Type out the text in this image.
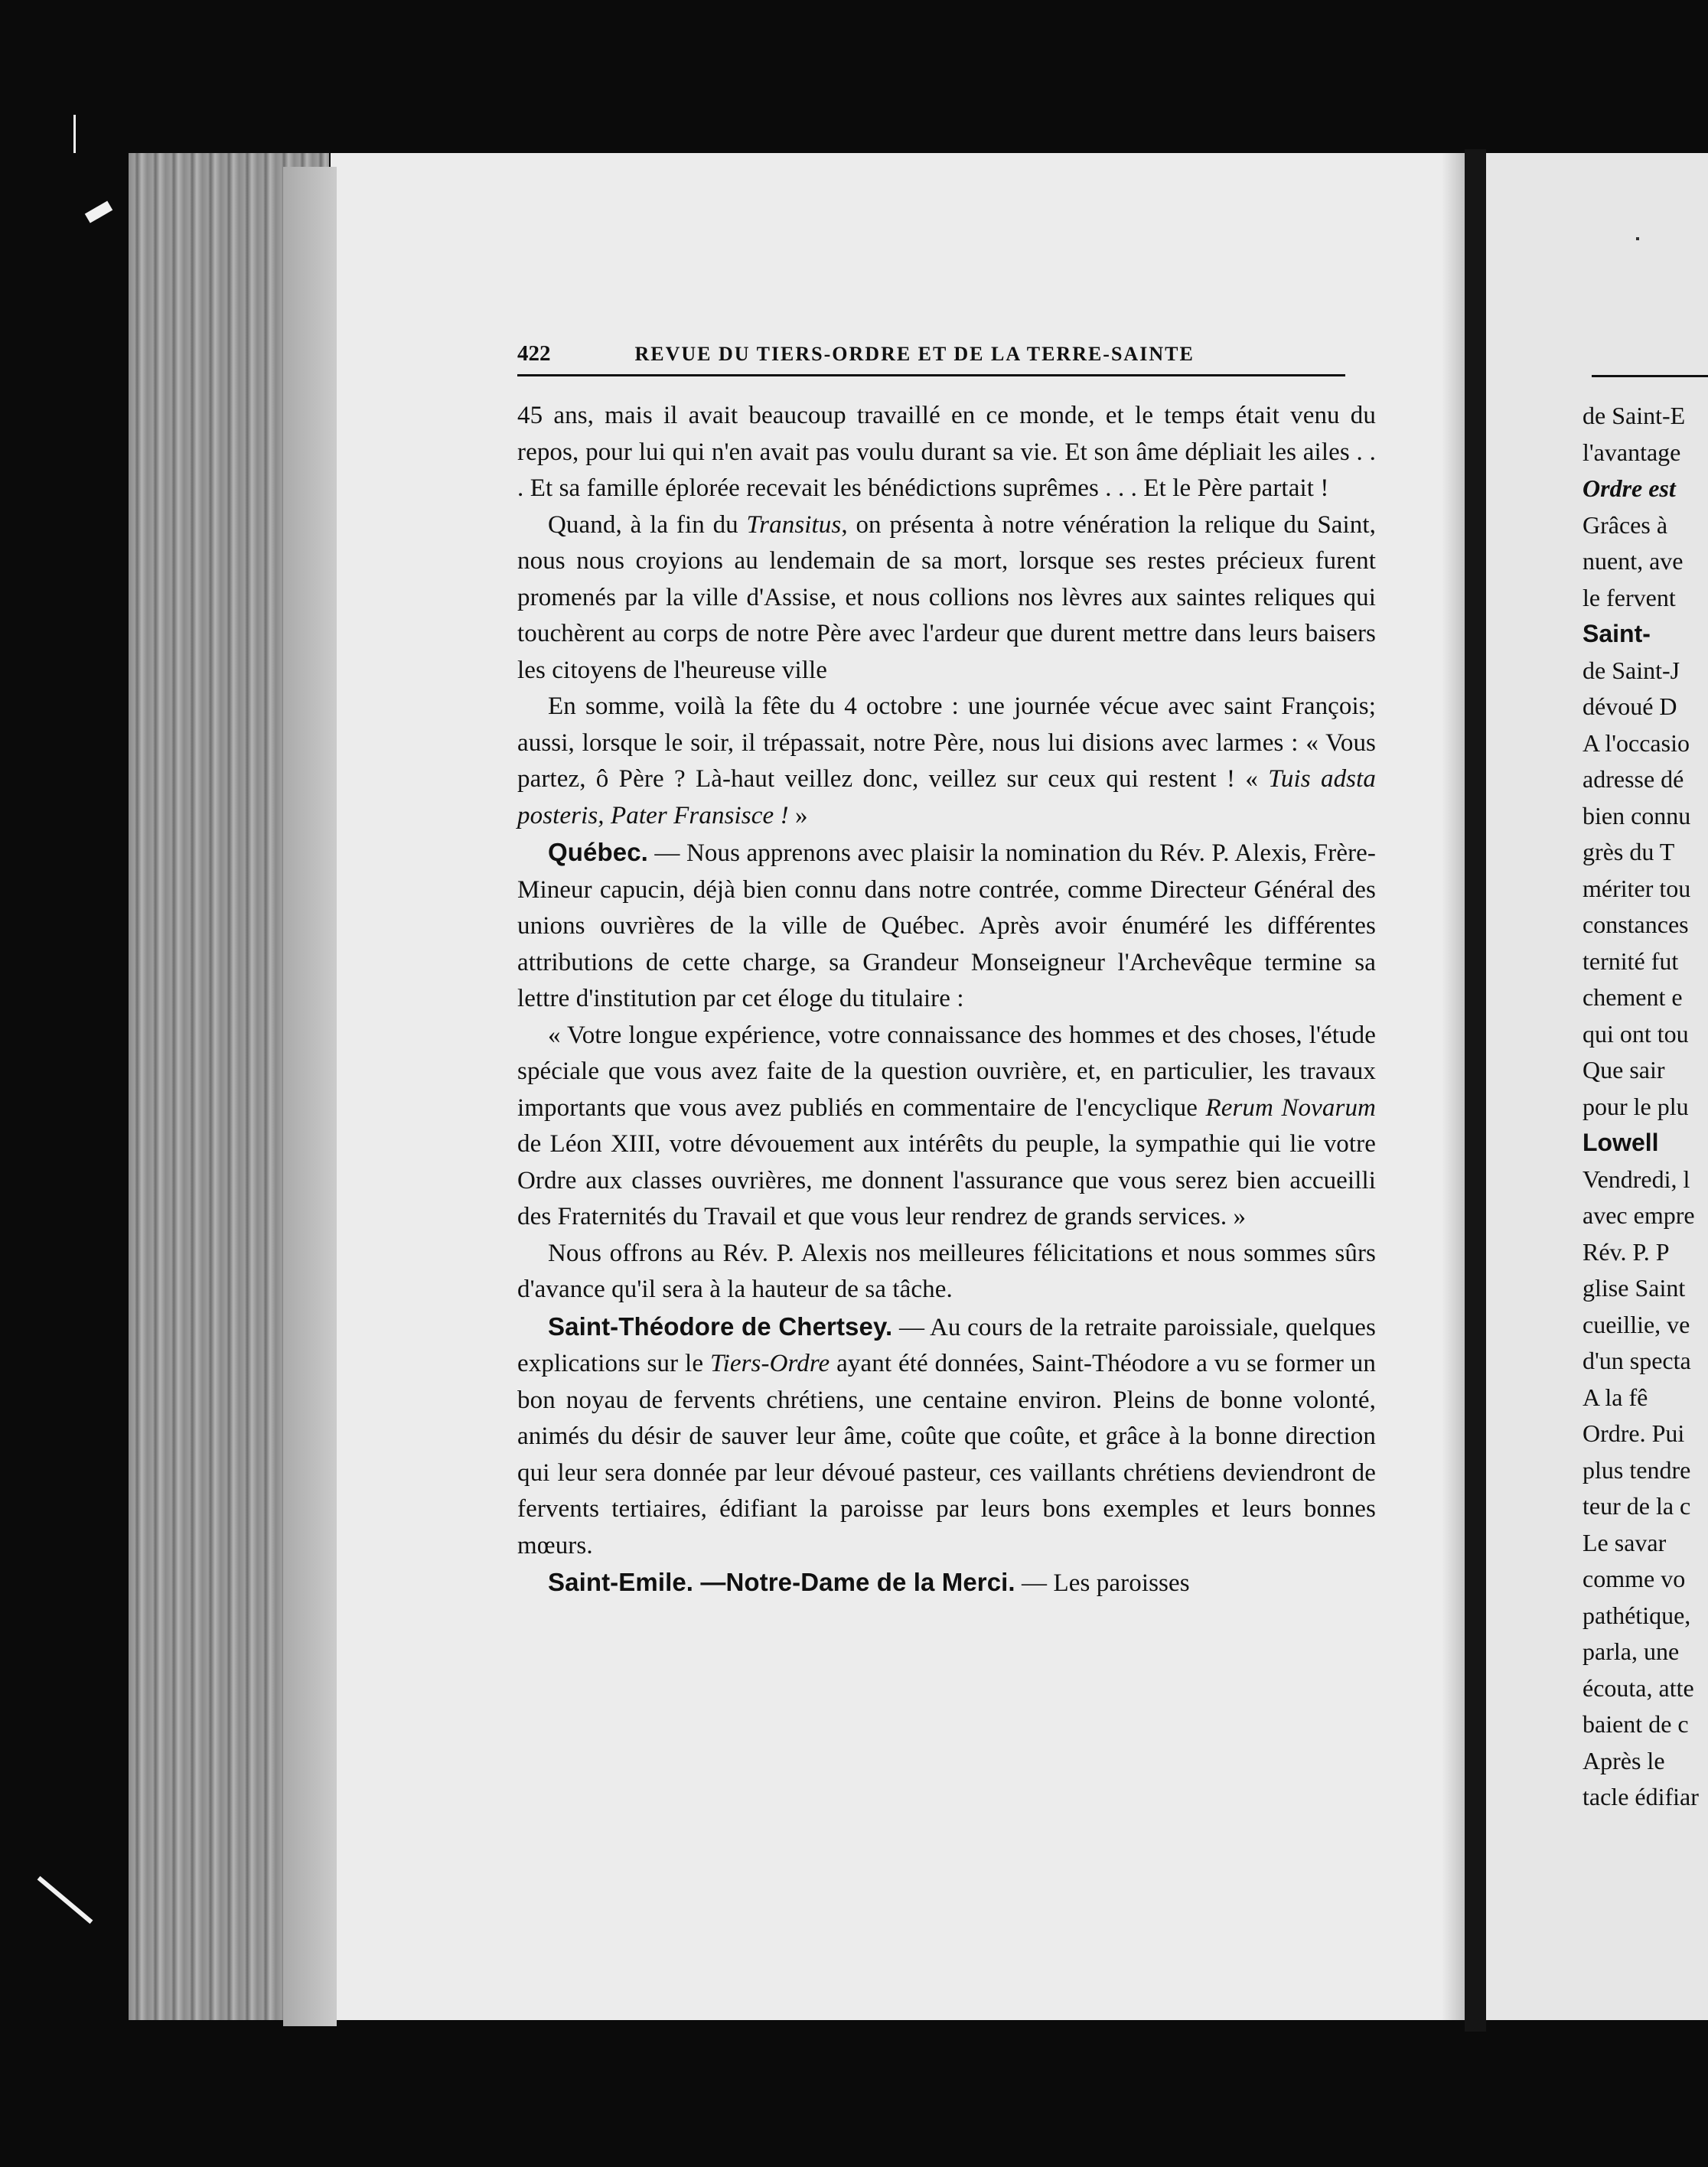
422	REVUE DU TIERS-ORDRE ET DE LA TERRE-SAINTE

45 ans, mais il avait beaucoup travaillé en ce monde, et le temps était venu du repos, pour lui qui n'en avait pas voulu durant sa vie. Et son âme dépliait les ailes . . . Et sa famille éplorée recevait les bénédictions suprêmes . . . Et le Père partait !

Quand, à la fin du Transitus, on présenta à notre vénération la relique du Saint, nous nous croyions au lendemain de sa mort, lorsque ses restes précieux furent promenés par la ville d'Assise, et nous collions nos lèvres aux saintes reliques qui touchèrent au corps de notre Père avec l'ardeur que durent mettre dans leurs baisers les citoyens de l'heureuse ville

En somme, voilà la fête du 4 octobre : une journée vécue avec saint François; aussi, lorsque le soir, il trépassait, notre Père, nous lui disions avec larmes : « Vous partez, ô Père ? Là-haut veillez donc, veillez sur ceux qui restent ! « Tuis adsta posteris, Pater Fransisce ! »

Québec. — Nous apprenons avec plaisir la nomination du Rév. P. Alexis, Frère-Mineur capucin, déjà bien connu dans notre contrée, comme Directeur Général des unions ouvrières de la ville de Québec. Après avoir énuméré les différentes attributions de cette charge, sa Grandeur Monseigneur l'Archevêque termine sa lettre d'institution par cet éloge du titulaire :

« Votre longue expérience, votre connaissance des hommes et des choses, l'étude spéciale que vous avez faite de la question ouvrière, et, en particulier, les travaux importants que vous avez publiés en commentaire de l'encyclique Rerum Novarum de Léon XIII, votre dévouement aux intérêts du peuple, la sympathie qui lie votre Ordre aux classes ouvrières, me donnent l'assurance que vous serez bien accueilli des Fraternités du Travail et que vous leur rendrez de grands services. »

Nous offrons au Rév. P. Alexis nos meilleures félicitations et nous sommes sûrs d'avance qu'il sera à la hauteur de sa tâche.

Saint-Théodore de Chertsey. — Au cours de la retraite paroissiale, quelques explications sur le Tiers-Ordre ayant été données, Saint-Théodore a vu se former un bon noyau de fervents chrétiens, une centaine environ. Pleins de bonne volonté, animés du désir de sauver leur âme, coûte que coûte, et grâce à la bonne direction qui leur sera donnée par leur dévoué pasteur, ces vaillants chrétiens deviendront de fervents tertiaires, édifiant la paroisse par leurs bons exemples et leurs bonnes mœurs.

Saint-Emile. —Notre-Dame de la Merci. — Les paroisses

de Saint-E
l'avantage
Ordre est
Grâces à
nuent, ave
le fervent
Saint-
de Saint-J
dévoué D
A l'occasio
adresse dé
bien connu
grès du T
mériter tou
constances
ternité fut
chement e
qui ont tou
Que sair
pour le plu
Lowell
Vendredi, l
avec empre
Rév. P. P
glise Saint
cueillie, ve
d'un specta
A la fê
Ordre. Pui
plus tendre
teur de la c
Le savar
comme vo
pathétique,
parla, une
écouta, atte
baient de c
Après le
tacle édifiar
